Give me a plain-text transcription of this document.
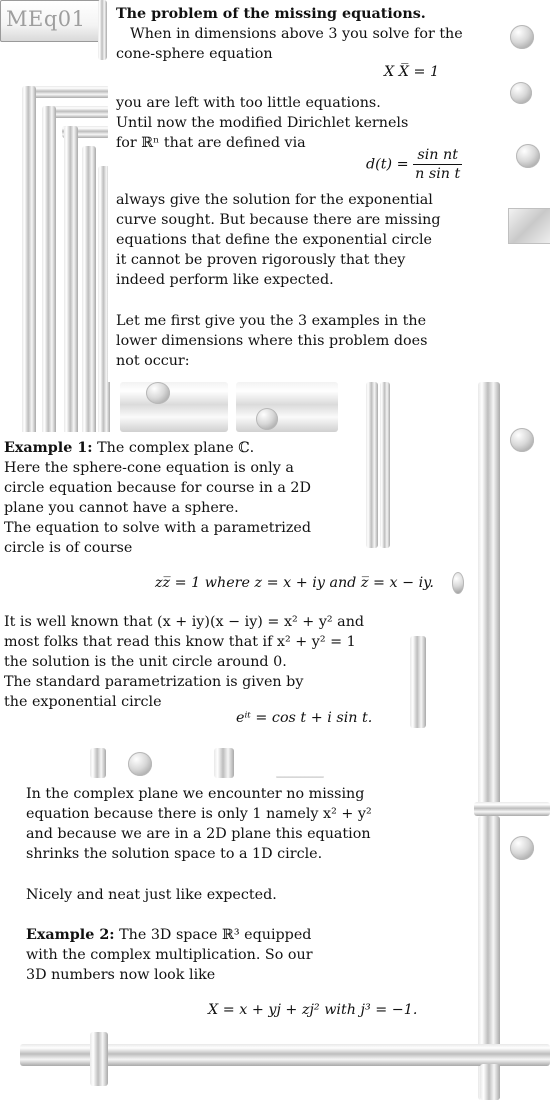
MEq01 The problem of the missing equations.
When in dimensions above 3 you solve for the
cone-sphere equation
X X̅ = 1

you are left with too little equations.

Until now the modified Dirichlet kernels

for ℝⁿ that are defined via

$d(t) = \frac{\text{sin nt}}{\text{n sin t}}$

always give the solution for the exponential

curve sought. But because there are missing

equations that define the exponential circle

it cannot be proven rigorously that they

indeed perform like expected.

Let me first give you the 3 examples in the

lower dimensions where this problem does

not occur:

Example 1: The complex plane ℂ.

Here the sphere-cone equation is only a

circle equation because for course in a 2D

plane you cannot have a sphere.

The equation to solve with a parametrized

circle is of course

zz̅ = 1 where z = x + iy and z̅ = x − iy.

It is well known that (x + iy)(x − iy) = x² + y² and

most folks that read this know that if x² + y² = 1

the solution is the unit circle around 0.

The standard parametrization is given by

the exponential circle

eⁱᵗ = cos t + i sin t.

In the complex plane we encounter no missing

equation because there is only 1 namely x² + y²

and because we are in a 2D plane this equation

shrinks the solution space to a 1D circle.

Nicely and neat just like expected.
Example 2: The 3D space ℝ³ equipped

with the complex multiplication. So our

3D numbers now look like

X = x + yj + zj² with j³ = −1.
